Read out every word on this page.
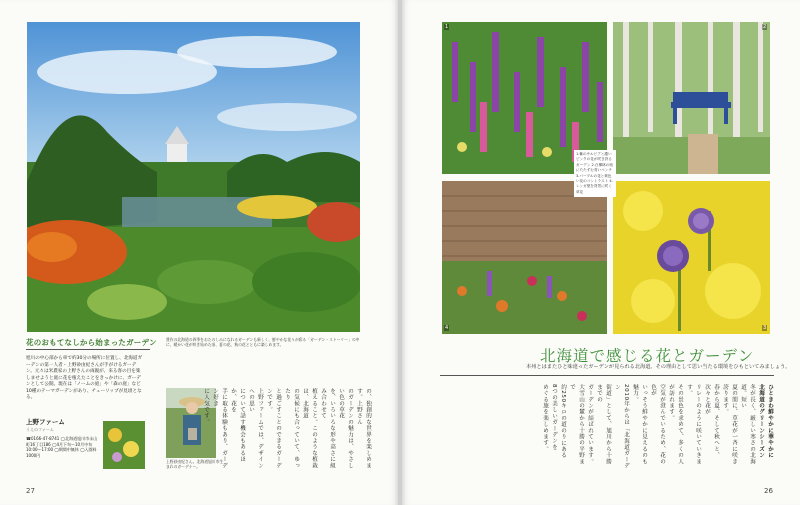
花のおもてなしから始まったガーデン 豊作の北海道の四季をおたのしみになれるガーデンも新しく、鮮やかな花々が彩る「ガーデン・ストーリー」の中に、暖かい花が咲き始めた頃、夏の花、秋の花とともに楽しめます。
旭川の中心部から車で約30分の場所に位置し、北海道ガーデンの第一人者・上野砂由紀さんが手がけるガーデン。元々は米農家の上野さんの両親が、来る客の目を楽しませようと庭に花を植えたことをきっかけに、ガーデンとして公開。現在は「ノームの庭」や「森の庭」など10種のテーマガーデンがあり、チューリップが見頃となる。
上野ファーム
うえのファーム
☎0166-47-8741 ◯北海道旭川市永山町16丁目186 ◯4月下旬〜10月中旬 10:00〜17:00 ◯期間中無休 ◯入園料1000円
上野砂由紀さん。北海道旭川市生まれのガーデナー。	の、独創的な世界を楽しめます。上野さん
のガーデンの魅力は、やさしい色の草花
を、いろいろな形や高さに組み合わせて
植えること。このような植栽は、北海道
の気候にも合っていて、ゆったり
と過ごすことのできるガーデンです。
上野ファームでは、デザインへの思い
について話す機会もあるほか、花を
手に取る体験もあり、ガーデン好き
に人気です。
27
1	2
4	3
1.紫のサルビアと濃いピンクの花が咲き誇るガーデン 2.白樺林の奥にたたずむ青いベンチ 3.パープルの花と黄色い花のコントラスト 4.レンガ壁を背景に咲く草花
北海道で感じる花とガーデン
本州とはまたひと味違ったガーデンが見られる北海道。その理由として思い当たる環境をひもといてみましょう。
ひときわ鮮やかに華やかに
北海道のグリーンシーズン
冬が長く、厳しい寒さの北海道。短い
夏の間に、草花が一斉に咲き誇ります。
春から夏、そして秋へと、次々と花が
リレーのように咲いていきます。
その景色を求めて、多くの人が訪れます。
空気が澄んでいるため、花の色が
いっそう鮮やかに見えるのも魅力。
2010年からは「北海道ガーデン
街道」として、旭川から十勝までの
ガーデンが結ばれています。
大雪山の麓から十勝の平野まで
約250キロの道のりにある
8つの美しいガーデンを
めぐる旅を楽しめます。
26
